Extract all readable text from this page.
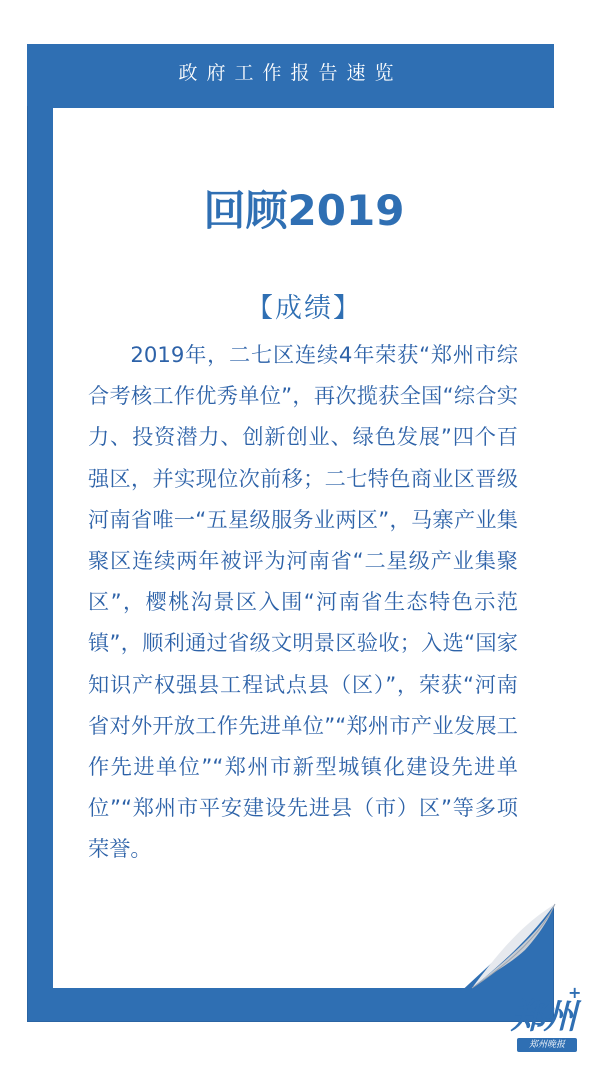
政府工作报告速览
回顾2019
【成绩】

2019年，二七区连续4年荣获“郑州市综合考核工作优秀单位”，再次揽获全国“综合实力、投资潜力、创新创业、绿色发展”四个百强区，并实现位次前移；二七特色商业区晋级河南省唯一“五星级服务业两区”，马寨产业集聚区连续两年被评为河南省“二星级产业集聚区”，樱桃沟景区入围“河南省生态特色示范镇”，顺利通过省级文明景区验收；入选“国家知识产权强县工程试点县（区）”，荣获“河南省对外开放工作先进单位”“郑州市产业发展工作先进单位”“郑州市新型城镇化建设先进单位”“郑州市平安建设先进县（市）区”等多项荣誉。

郑州
+
郑州晚报
